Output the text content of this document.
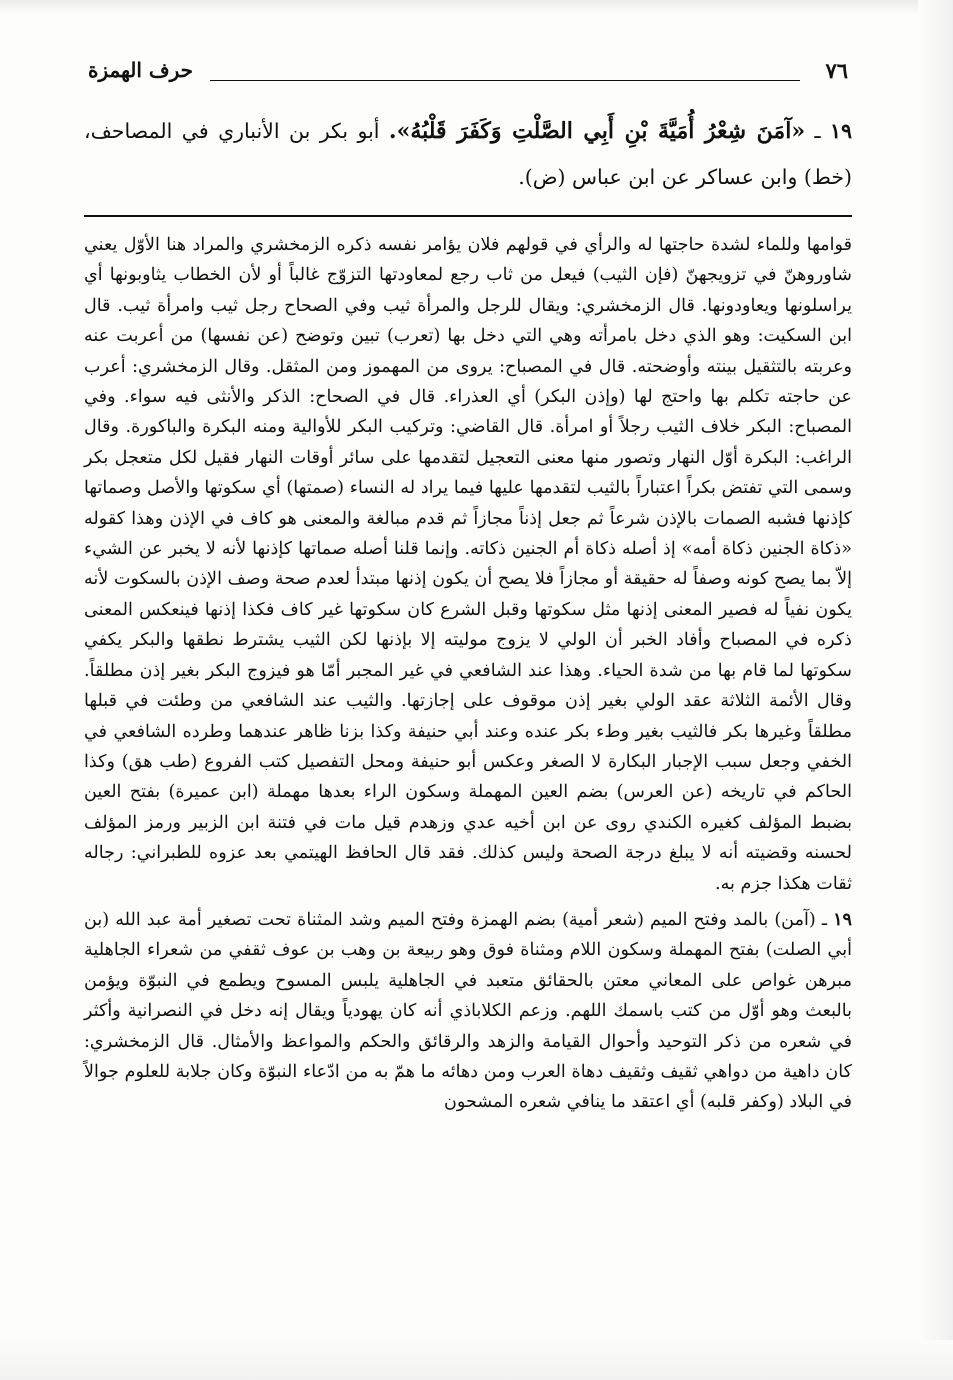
٧٦
حرف الهمزة
١٩ ـ «آمَنَ شِعْرُ أُمَيَّةَ بْنِ أَبِي الصَّلْتِ وَكَفَرَ قَلْبُهُ». أبو بكر بن الأنباري في المصاحف، (خط) وابن عساكر عن ابن عباس (ض).

قوامها وللماء لشدة حاجتها له والرأي في قولهم فلان يؤامر نفسه ذكره الزمخشري والمراد هنا الأوّل يعني شاوروهنّ في تزويجهنّ (فإن الثيب) فيعل من ثاب رجع لمعاودتها التزوّج غالباً أو لأن الخطاب يثاوبونها أي يراسلونها ويعاودونها. قال الزمخشري: ويقال للرجل والمرأة ثيب وفي الصحاح رجل ثيب وامرأة ثيب. قال ابن السكيت: وهو الذي دخل بامرأته وهي التي دخل بها (تعرب) تبين وتوضح (عن نفسها) من أعربت عنه وعربته بالتثقيل بينته وأوضحته. قال في المصباح: يروى من المهموز ومن المثقل. وقال الزمخشري: أعرب عن حاجته تكلم بها واحتج لها (وإذن البكر) أي العذراء. قال في الصحاح: الذكر والأنثى فيه سواء. وفي المصباح: البكر خلاف الثيب رجلاً أو امرأة. قال القاضي: وتركيب البكر للأوالية ومنه البكرة والباكورة. وقال الراغب: البكرة أوّل النهار وتصور منها معنى التعجيل لتقدمها على سائر أوقات النهار فقيل لكل متعجل بكر وسمى التي تفتض بكراً اعتباراً بالثيب لتقدمها عليها فيما يراد له النساء (صمتها) أي سكوتها والأصل وصماتها كإذنها فشبه الصمات بالإذن شرعاً ثم جعل إذناً مجازاً ثم قدم مبالغة والمعنى هو كاف في الإذن وهذا كقوله «ذكاة الجنين ذكاة أمه» إذ أصله ذكاة أم الجنين ذكاته. وإنما قلنا أصله صماتها كإذنها لأنه لا يخبر عن الشيء إلاّ بما يصح كونه وصفاً له حقيقة أو مجازاً فلا يصح أن يكون إذنها مبتدأ لعدم صحة وصف الإذن بالسكوت لأنه يكون نفياً له فصير المعنى إذنها مثل سكوتها وقبل الشرع كان سكوتها غير كاف فكذا إذنها فينعكس المعنى ذكره في المصباح وأفاد الخبر أن الولي لا يزوج موليته إلا بإذنها لكن الثيب يشترط نطقها والبكر يكفي سكوتها لما قام بها من شدة الحياء. وهذا عند الشافعي في غير المجبر أمّا هو فيزوج البكر بغير إذن مطلقاً. وقال الأئمة الثلاثة عقد الولي بغير إذن موقوف على إجازتها. والثيب عند الشافعي من وطئت في قبلها مطلقاً وغيرها بكر فالثيب بغير وطء بكر عنده وعند أبي حنيفة وكذا بزنا ظاهر عندهما وطرده الشافعي في الخفي وجعل سبب الإجبار البكارة لا الصغر وعكس أبو حنيفة ومحل التفصيل كتب الفروع (طب هق) وكذا الحاكم في تاريخه (عن العرس) بضم العين المهملة وسكون الراء بعدها مهملة (ابن عميرة) بفتح العين بضبط المؤلف كغيره الكندي روى عن ابن أخيه عدي وزهدم قيل مات في فتنة ابن الزبير ورمز المؤلف لحسنه وقضيته أنه لا يبلغ درجة الصحة وليس كذلك. فقد قال الحافظ الهيتمي بعد عزوه للطبراني: رجاله ثقات هكذا جزم به.

١٩ ـ (آمن) بالمد وفتح الميم (شعر أمية) بضم الهمزة وفتح الميم وشد المثناة تحت تصغير أمة عبد الله (بن أبي الصلت) بفتح المهملة وسكون اللام ومثناة فوق وهو ربيعة بن وهب بن عوف ثقفي من شعراء الجاهلية مبرهن غواص على المعاني معتن بالحقائق متعبد في الجاهلية يلبس المسوح ويطمع في النبوّة ويؤمن بالبعث وهو أوّل من كتب باسمك اللهم. وزعم الكلاباذي أنه كان يهودياً ويقال إنه دخل في النصرانية وأكثر في شعره من ذكر التوحيد وأحوال القيامة والزهد والرقائق والحكم والمواعظ والأمثال. قال الزمخشري: كان داهية من دواهي ثقيف وثقيف دهاة العرب ومن دهائه ما همّ به من ادّعاء النبوّة وكان جلابة للعلوم جوالاً في البلاد (وكفر قلبه) أي اعتقد ما ينافي شعره المشحون
